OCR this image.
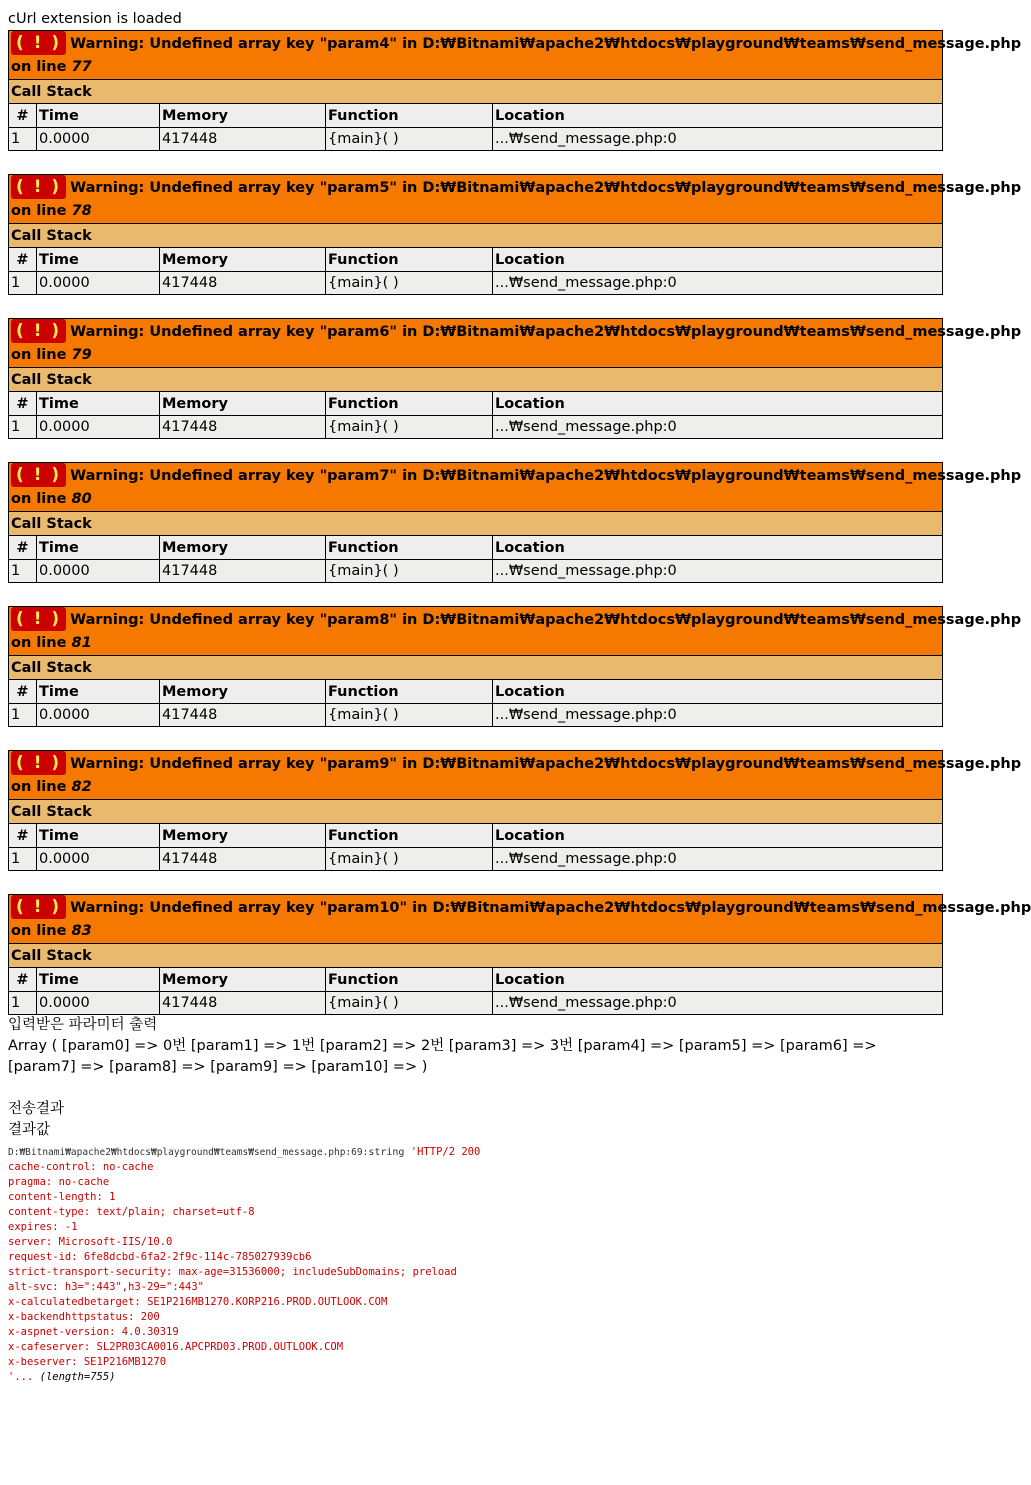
cUrl extension is loaded
( ! ) Warning: Undefined array key "param4" in D:₩Bitnami₩apache2₩htdocs₩playground₩teams₩send_message.php
on line 77				
Call Stack				
#	Time	Memory	Function	Location
1	0.0000	417448	{main}( )	...₩send_message.php:0
( ! ) Warning: Undefined array key "param5" in D:₩Bitnami₩apache2₩htdocs₩playground₩teams₩send_message.php
on line 78				
Call Stack				
#	Time	Memory	Function	Location
1	0.0000	417448	{main}( )	...₩send_message.php:0
( ! ) Warning: Undefined array key "param6" in D:₩Bitnami₩apache2₩htdocs₩playground₩teams₩send_message.php
on line 79				
Call Stack				
#	Time	Memory	Function	Location
1	0.0000	417448	{main}( )	...₩send_message.php:0
( ! ) Warning: Undefined array key "param7" in D:₩Bitnami₩apache2₩htdocs₩playground₩teams₩send_message.php
on line 80				
Call Stack				
#	Time	Memory	Function	Location
1	0.0000	417448	{main}( )	...₩send_message.php:0
( ! ) Warning: Undefined array key "param8" in D:₩Bitnami₩apache2₩htdocs₩playground₩teams₩send_message.php
on line 81				
Call Stack				
#	Time	Memory	Function	Location
1	0.0000	417448	{main}( )	...₩send_message.php:0
( ! ) Warning: Undefined array key "param9" in D:₩Bitnami₩apache2₩htdocs₩playground₩teams₩send_message.php
on line 82				
Call Stack				
#	Time	Memory	Function	Location
1	0.0000	417448	{main}( )	...₩send_message.php:0
( ! ) Warning: Undefined array key "param10" in D:₩Bitnami₩apache2₩htdocs₩playground₩teams₩send_message.php
on line 83				
Call Stack				
#	Time	Memory	Function	Location
1	0.0000	417448	{main}( )	...₩send_message.php:0
입력받은 파라미터 출력
Array ( [param0] => 0번 [param1] => 1번 [param2] => 2번 [param3] => 3번 [param4] => [param5] => [param6] => [param7] => [param8] => [param9] => [param10] => )
전송결과
결과값
D:₩Bitnami₩apache2₩htdocs₩playground₩teams₩send_message.php:69:string 'HTTP/2 200
cache-control: no-cache
pragma: no-cache
content-length: 1
content-type: text/plain; charset=utf-8
expires: -1
server: Microsoft-IIS/10.0
request-id: 6fe8dcbd-6fa2-2f9c-114c-785027939cb6
strict-transport-security: max-age=31536000; includeSubDomains; preload
alt-svc: h3=":443",h3-29=":443"
x-calculatedbetarget: SE1P216MB1270.KORP216.PROD.OUTLOOK.COM
x-backendhttpstatus: 200
x-aspnet-version: 4.0.30319
x-cafeserver: SL2PR03CA0016.APCPRD03.PROD.OUTLOOK.COM
x-beserver: SE1P216MB1270
'... (length=755)
